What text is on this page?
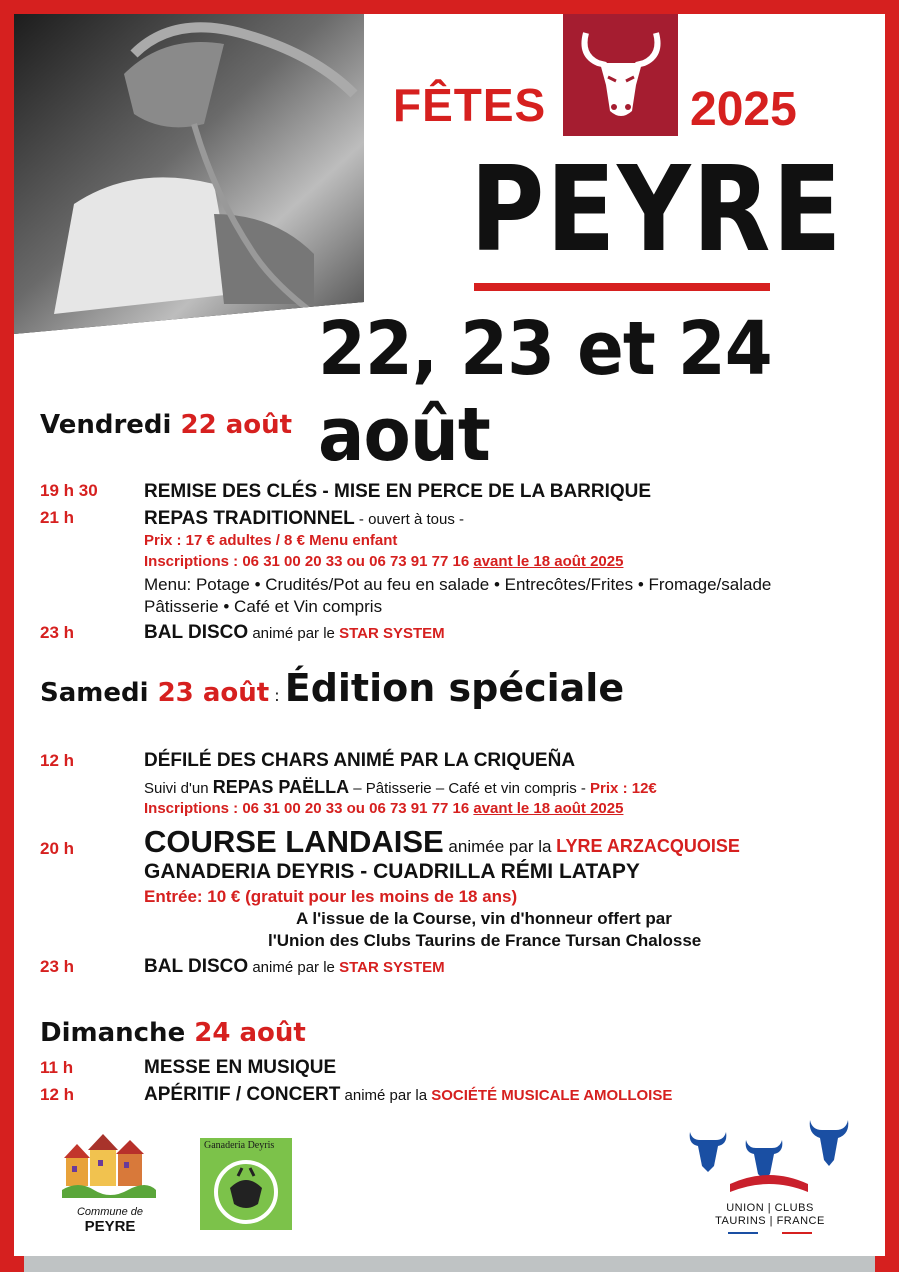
FÊTES	2025
PEYRE
22, 23 et 24 août
Vendredi 22 août
19 h 30 REMISE DES CLÉS - MISE EN PERCE DE LA BARRIQUE
21 h	REPAS TRADITIONNEL - ouvert à tous -
Prix : 17 € adultes / 8 € Menu enfant
Inscriptions : 06 31 00 20 33 ou 06 73 91 77 16 avant le 18 août 2025
Menu: Potage • Crudités/Pot au feu en salade • Entrecôtes/Frites • Fromage/salade
Pâtisserie • Café et Vin compris
23 h	BAL DISCO animé par le STAR SYSTEM
Samedi 23 août : Édition spéciale
12 h	DÉFILÉ DES CHARS ANIMÉ PAR LA CRIQUEÑA
Suivi d'un REPAS PAËLLA – Pâtisserie – Café et vin compris - Prix : 12€
Inscriptions : 06 31 00 20 33 ou 06 73 91 77 16 avant le 18 août 2025
20 h COURSE LANDAISE animée par la LYRE ARZACQUOISE
GANADERIA DEYRIS - CUADRILLA RÉMI LATAPY
Entrée: 10 € (gratuit pour les moins de 18 ans)
A l'issue de la Course, vin d'honneur offert par
l'Union des Clubs Taurins de France Tursan Chalosse
23 h	BAL DISCO animé par le STAR SYSTEM
Dimanche 24 août
11 h	MESSE EN MUSIQUE
12 h	APÉRITIF / CONCERT animé par la SOCIÉTÉ MUSICALE AMOLLOISE
Commune de
PEYRE
Ganaderia Deyris
UNION | CLUBS
TAURINS | FRANCE
